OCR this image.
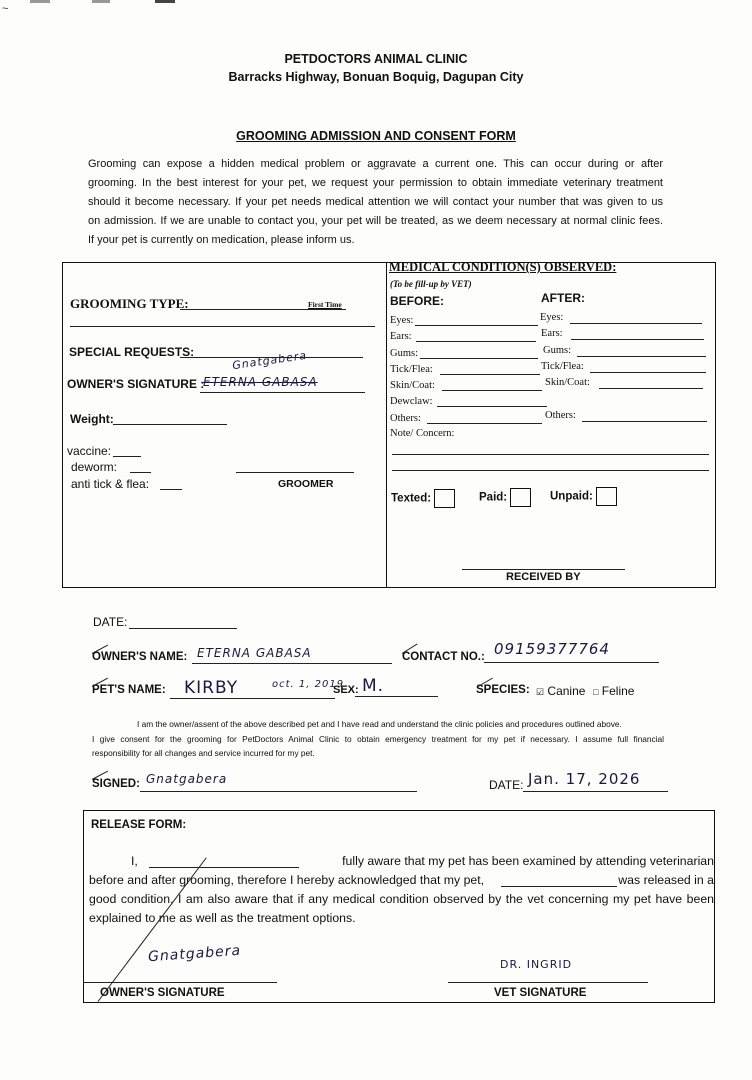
~
PETDOCTORS ANIMAL CLINIC
Barracks Highway, Bonuan Boquig, Dagupan City
GROOMING ADMISSION AND CONSENT FORM

Grooming can expose a hidden medical problem or aggravate a current one. This can occur during or after

grooming. In the best interest for your pet, we request your permission to obtain immediate veterinary treatment

should it become necessary. If your pet needs medical attention we will contact your number that was given to us

on admission. If we are unable to contact you, your pet will be treated, as we deem necessary at normal clinic fees.

If your pet is currently on medication, please inform us.

GROOMING TYPE:	First Time
SPECIAL REQUESTS:
OWNER'S SIGNATURE :
ETERNA GABASA
Gnatgabera
Weight:
vaccine:
deworm:
anti tick & flea:	GROOMER
MEDICAL CONDITION(S) OBSERVED:
(To be fill-up by VET)
BEFORE:	AFTER:
Eyes:	Eyes:
Ears:	Ears:
Gums:	Gums:
Tick/Flea:	Tick/Flea:
Skin/Coat:	Skin/Coat:
Dewclaw:
Others:	Others:
Note/ Concern:
Texted:	Paid:	Unpaid:
RECEIVED BY
DATE:
OWNER'S NAME: ETERNA GABASA	CONTACT NO.: 09159377764
PET'S NAME: KIRBY	oct. 1, 2019
SEX: M.	SPECIES: ☑ Canine □ Feline

I am the owner/assent of the above described pet and I have read and understand the clinic policies and procedures outlined above.

I give consent for the grooming for PetDoctors Animal Clinic to obtain emergency treatment for my pet if necessary. I assume full financial

responsibility for all changes and service incurred for my pet.

SIGNED: Gnatgabera	DATE: Jan. 17, 2026
RELEASE FORM:
I,	fully aware that my pet has been examined by attending veterinarian
before and after grooming, therefore I hereby acknowledged that my pet,	was released in a

good condition, I am also aware that if any medical condition observed by the vet concerning my pet have been

explained to me as well as the treatment options.

Gnatgabera
OWNER'S SIGNATURE
DR. INGRID
VET SIGNATURE
